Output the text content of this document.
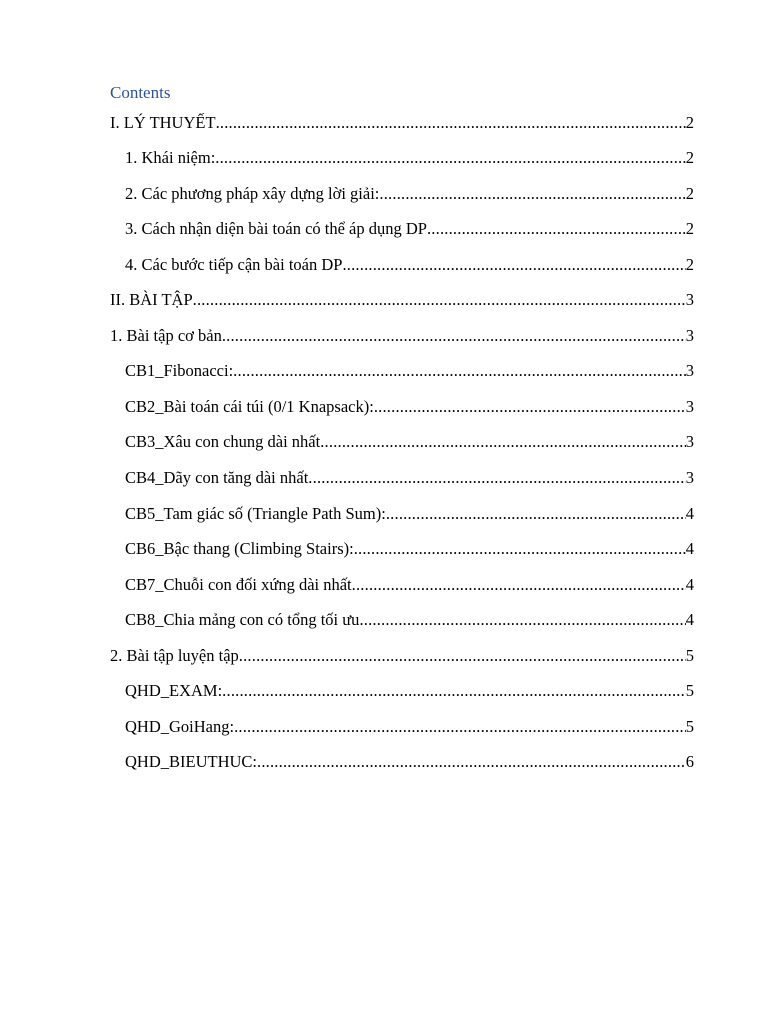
Contents
I. LÝ THUYẾT .....	2
1. Khái niệm: .....	2
2. Các phương pháp xây dựng lời giải: .....	2
3. Cách nhận diện bài toán có thể áp dụng DP .....	2
4. Các bước tiếp cận bài toán DP .....	2
II. BÀI TẬP .....	3
1. Bài tập cơ bản .....	3
CB1_Fibonacci: .....	3
CB2_Bài toán cái túi (0/1 Knapsack): .....	3
CB3_Xâu con chung dài nhất .....	3
CB4_Dãy con tăng dài nhất .....	3
CB5_Tam giác số (Triangle Path Sum): .....	4
CB6_Bậc thang (Climbing Stairs): .....	4
CB7_Chuỗi con đối xứng dài nhất .....	4
CB8_Chia mảng con có tổng tối ưu .....	4
2. Bài tập luyện tập .....	5
QHD_EXAM: .....	5
QHD_GoiHang: .....	5
QHD_BIEUTHUC: .....	6
